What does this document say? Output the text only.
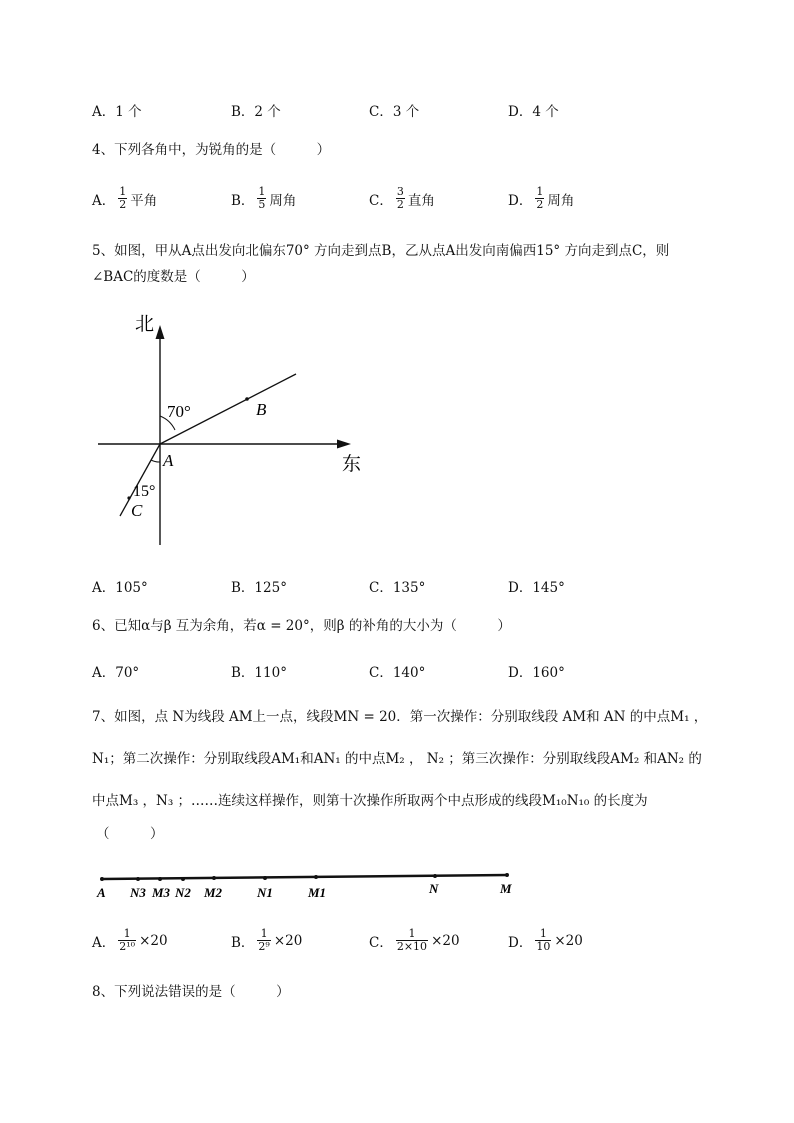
A．1 个	B．2 个	C．3 个	D．4 个
4、下列各角中，为锐角的是（　　　）
A． $\frac{1}{2}$ 平角	B． $\frac{1}{5}$ 周角	C． $\frac{3}{2}$ 直角	D． $\frac{1}{2}$ 周角
5、如图，甲从A点出发向北偏东70° 方向走到点B，乙从点A出发向南偏西15° 方向走到点C，则
∠BAC的度数是（　　　）
北
东
70°
15°
B
A
C
A．105°	B．125°	C．135°	D．145°
6、已知α与β 互为余角，若α = 20°，则β 的补角的大小为（　　　）
A．70°	B．110°	C．140°	D．160°
7、如图，点 N为线段 AM上一点，线段MN = 20．第一次操作：分别取线段 AM和 AN 的中点M₁ ，
N₁；第二次操作：分别取线段AM₁和AN₁ 的中点M₂ ， N₂ ；第三次操作：分别取线段AM₂ 和AN₂ 的
中点M₃ ，N₃ ；……连续这样操作，则第十次操作所取两个中点形成的线段M₁₀N₁₀ 的长度为
（　　　）
A N3 M3 N2 M2	N1	M1	N	M
A． $\frac{1}{\text{2¹⁰}} \times 20$	B． $\frac{1}{\text{2⁹}} \times 20$	C． $\frac{1}{2\times 10} \times 20$	D． $\frac{1}{10} \times 20$
8、下列说法错误的是（　　　）
